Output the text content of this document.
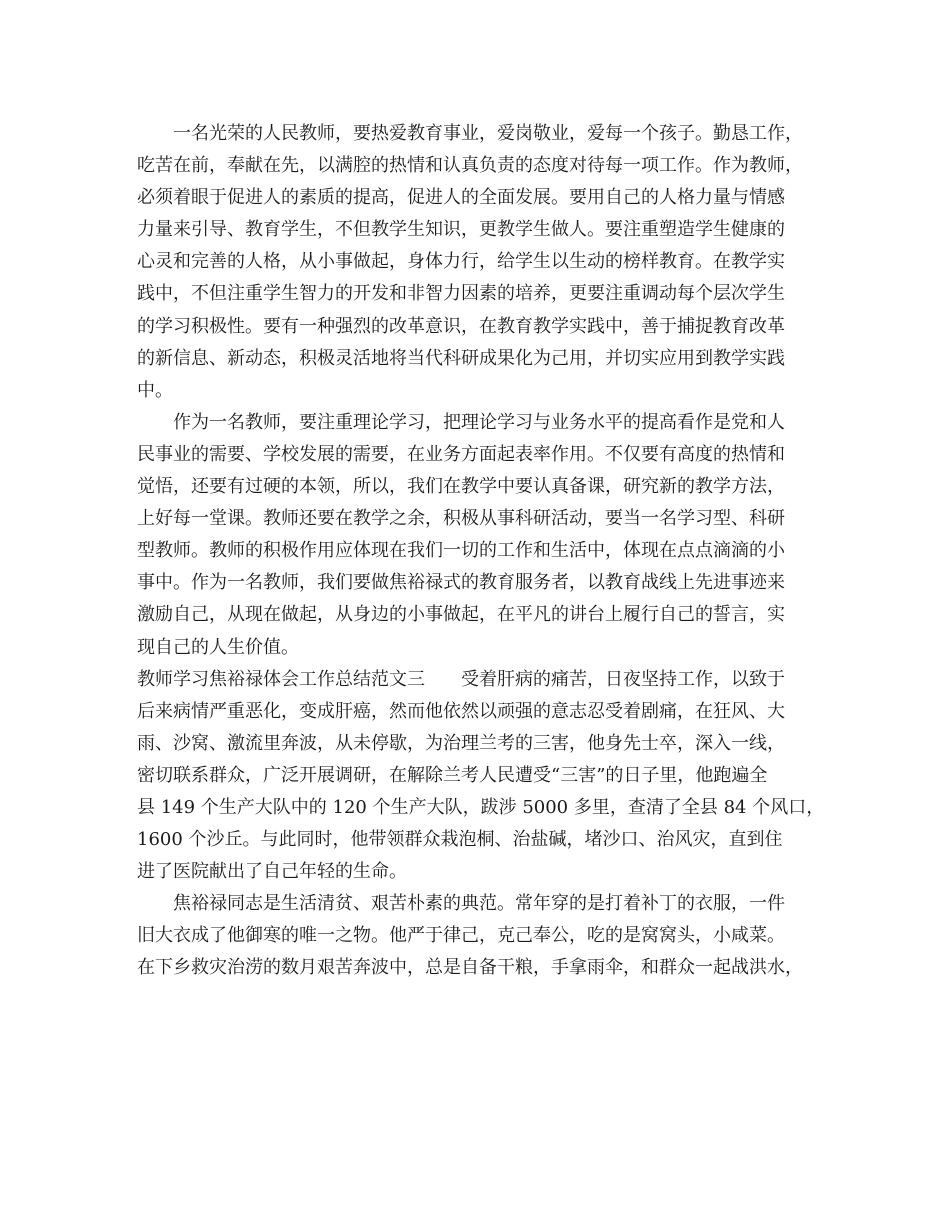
　　一名光荣的人民教师，要热爱教育事业，爱岗敬业，爱每一个孩子。勤恳工作，
吃苦在前，奉献在先，以满腔的热情和认真负责的态度对待每一项工作。作为教师，
必须着眼于促进人的素质的提高，促进人的全面发展。要用自己的人格力量与情感
力量来引导、教育学生，不但教学生知识，更教学生做人。要注重塑造学生健康的
心灵和完善的人格，从小事做起，身体力行，给学生以生动的榜样教育。在教学实
践中，不但注重学生智力的开发和非智力因素的培养，更要注重调动每个层次学生
的学习积极性。要有一种强烈的改革意识，在教育教学实践中，善于捕捉教育改革
的新信息、新动态，积极灵活地将当代科研成果化为己用，并切实应用到教学实践
中。
　　作为一名教师，要注重理论学习，把理论学习与业务水平的提高看作是党和人
民事业的需要、学校发展的需要，在业务方面起表率作用。不仅要有高度的热情和
觉悟，还要有过硬的本领，所以，我们在教学中要认真备课，研究新的教学方法，
上好每一堂课。教师还要在教学之余，积极从事科研活动，要当一名学习型、科研
型教师。教师的积极作用应体现在我们一切的工作和生活中，体现在点点滴滴的小
事中。作为一名教师，我们要做焦裕禄式的教育服务者，以教育战线上先进事迹来
激励自己，从现在做起，从身边的小事做起，在平凡的讲台上履行自己的誓言，实
现自己的人生价值。
教师学习焦裕禄体会工作总结范文三　　受着肝病的痛苦，日夜坚持工作，以致于
后来病情严重恶化，变成肝癌，然而他依然以顽强的意志忍受着剧痛，在狂风、大
雨、沙窝、激流里奔波，从未停歇，为治理兰考的三害，他身先士卒，深入一线，
密切联系群众，广泛开展调研，在解除兰考人民遭受“三害”的日子里，他跑遍全
县 149 个生产大队中的 120 个生产大队，跋涉 5000 多里，查清了全县 84 个风口，
1600 个沙丘。与此同时，他带领群众栽泡桐、治盐碱，堵沙口、治风灾，直到住
进了医院献出了自己年轻的生命。
　　焦裕禄同志是生活清贫、艰苦朴素的典范。常年穿的是打着补丁的衣服，一件
旧大衣成了他御寒的唯一之物。他严于律己，克己奉公，吃的是窝窝头，小咸菜。
在下乡救灾治涝的数月艰苦奔波中，总是自备干粮，手拿雨伞，和群众一起战洪水，
